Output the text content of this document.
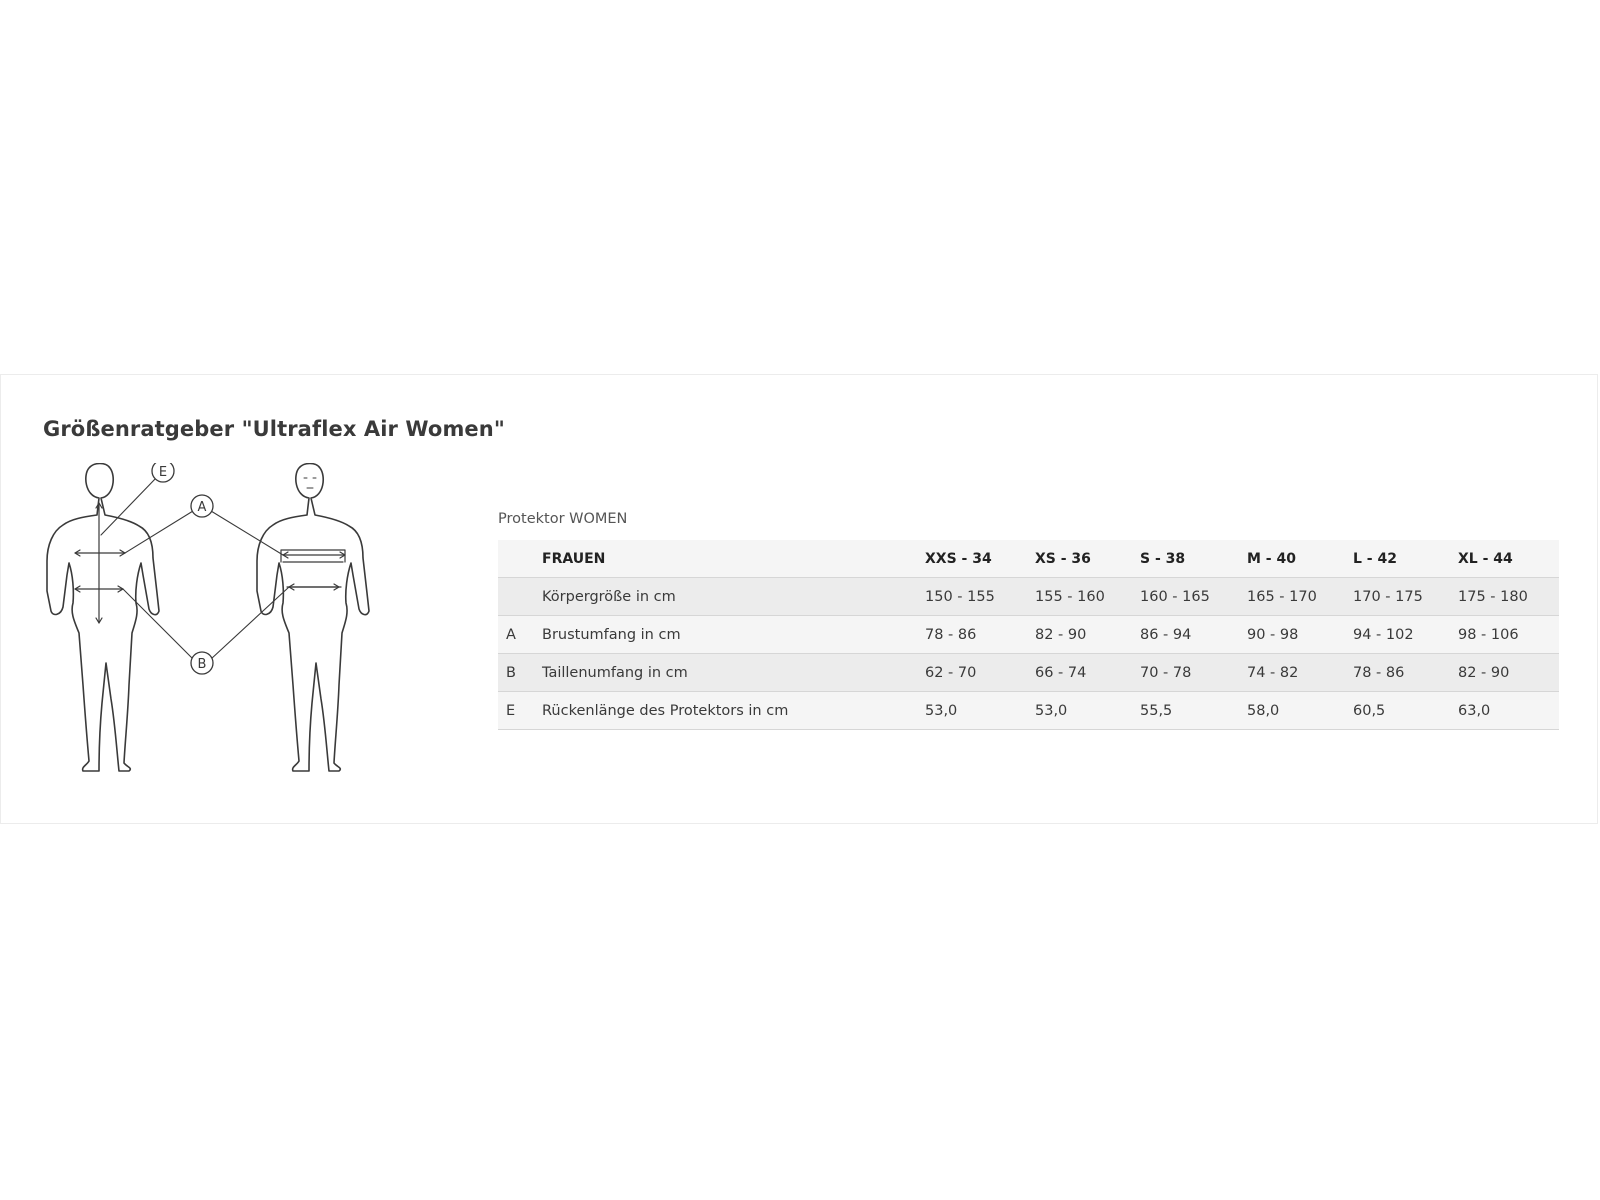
Größenratgeber "Ultraflex Air Women"
E
A
B
Protektor WOMEN
	FRAUEN	XXS - 34	XS - 36	S - 38	M - 40	L - 42	XL - 44
	Körpergröße in cm	150 - 155	155 - 160	160 - 165	165 - 170	170 - 175	175 - 180
A	Brustumfang in cm	78 - 86	82 - 90	86 - 94	90 - 98	94 - 102	98 - 106
B	Taillenumfang in cm	62 - 70	66 - 74	70 - 78	74 - 82	78 - 86	82 - 90
E	Rückenlänge des Protektors in cm	53,0	53,0	55,5	58,0	60,5	63,0
